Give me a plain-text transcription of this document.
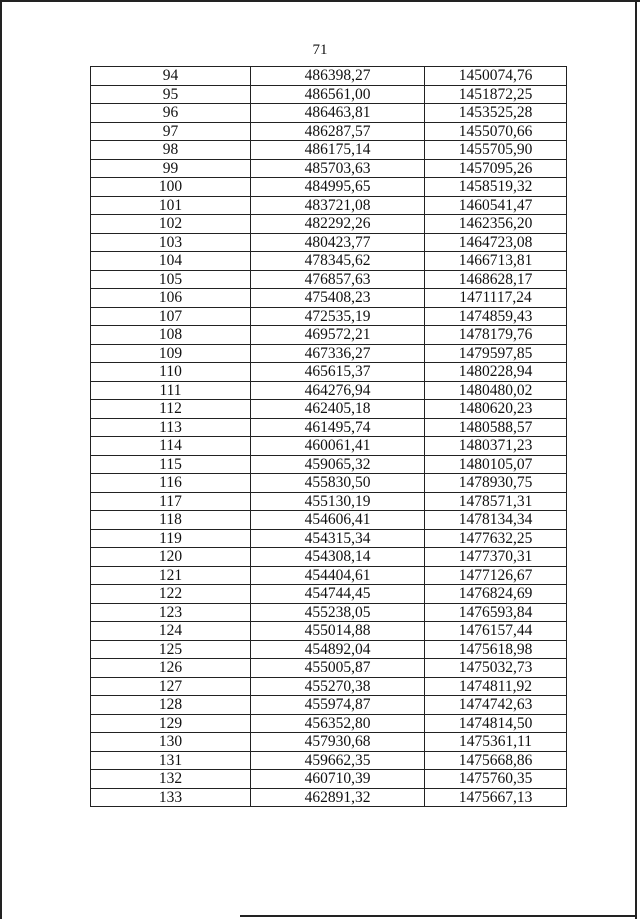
71
94	486398,27	1450074,76
95	486561,00	1451872,25
96	486463,81	1453525,28
97	486287,57	1455070,66
98	486175,14	1455705,90
99	485703,63	1457095,26
100	484995,65	1458519,32
101	483721,08	1460541,47
102	482292,26	1462356,20
103	480423,77	1464723,08
104	478345,62	1466713,81
105	476857,63	1468628,17
106	475408,23	1471117,24
107	472535,19	1474859,43
108	469572,21	1478179,76
109	467336,27	1479597,85
110	465615,37	1480228,94
111	464276,94	1480480,02
112	462405,18	1480620,23
113	461495,74	1480588,57
114	460061,41	1480371,23
115	459065,32	1480105,07
116	455830,50	1478930,75
117	455130,19	1478571,31
118	454606,41	1478134,34
119	454315,34	1477632,25
120	454308,14	1477370,31
121	454404,61	1477126,67
122	454744,45	1476824,69
123	455238,05	1476593,84
124	455014,88	1476157,44
125	454892,04	1475618,98
126	455005,87	1475032,73
127	455270,38	1474811,92
128	455974,87	1474742,63
129	456352,80	1474814,50
130	457930,68	1475361,11
131	459662,35	1475668,86
132	460710,39	1475760,35
133	462891,32	1475667,13
